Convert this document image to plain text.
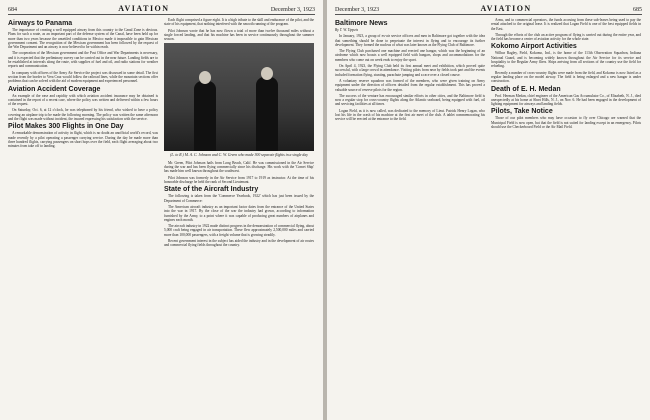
684	AVIATION	December 3, 1923
Airways to Panama

The importance of creating a well equipped airway from this country to the Canal Zone is obvious. Plans for such a route, as an important part of the defense system of the Canal, have been held up for more than two years because the unsettled conditions in Mexico made it impossible to gain Mexican government consent. The recognition of the Mexican government has been followed by the request of the War Department and an airway is now believed to be within reach.

The cooperation of the Mexican government and the Post Office and War Departments is necessary, and it is expected that the preliminary survey can be carried out in the near future. Landing fields are to be established at intervals along the route, with supplies of fuel and oil, and radio stations for weather reports and communication.

In company with officers of the Army Air Service the project was discussed in some detail. The first section from the border to Vera Cruz would follow the railroad lines, while the mountain sections offer problems that can be solved with the aid of modern equipment and experienced personnel.

Aviation Accident Coverage

An example of the ease and rapidity with which aviation accident insurance may be obtained is contained in the report of a recent case, where the policy was written and delivered within a few hours of the request.

On Saturday, Oct. 6, at 12 o'clock, he was telephoned by his friend, who wished to have a policy covering an airplane trip to be made the following morning. The policy was written the same afternoon and the flight was made without incident, the insured expressing his satisfaction with the service.

Pilot Makes 300 Flights in One Day

A remarkable demonstration of activity in flight, which is no doubt an unofficial world's record, was made recently by a pilot operating a passenger carrying service. During the day he made more than three hundred flights, carrying passengers on short hops over the field, each flight averaging about two minutes from take off to landing.

Each flight comprised a figure eight. It is a high tribute to the skill and endurance of the pilot, and the state of his equipment, that nothing interfered with the smooth running of the program.

Pilot Johnson wrote that he has now flown a total of more than twelve thousand miles without a single forced landing, and that his machine has been in service continuously throughout the summer season.

(L. to R.) M. A. C. Johnson and C. W. Green who made 300 separate flights in a single day

Mr. Green, Pilot Johnson hails from Long Beach, Calif. He was commissioned in the Air Service during the war and has been flying commercially since his discharge. His work with the 'Comet Ship' has made him well known throughout the southwest.

Pilot Johnson was formerly in the Air Service from 1917 to 1919 as instructor. At the time of his honorable discharge he held the rank of Second Lieutenant.

State of the Aircraft Industry

The following is taken from the 'Commerce Yearbook, 1922' which has just been issued by the Department of Commerce:

The American aircraft industry as an important factor dates from the entrance of the United States into the war in 1917. By the close of the war the industry had grown, according to information furnished by the Army, to a point where it was capable of producing great numbers of airplanes and engines each month.

The aircraft industry in 1922 made distinct progress in the demonstration of commercial flying, about 5,000 craft being engaged in air transportation. These flew approximately 2,500,000 miles and carried more than 100,000 passengers, with a freight volume that is growing steadily.

Recent government interest in the subject has aided the industry and in the development of air routes and commercial flying fields throughout the country.

December 3, 1923	AVIATION	685
Baltimore News

By T. W. Tippets

In January, 1923, a group of ex-air service officers and men in Baltimore got together with the idea that something should be done to perpetuate the interest in flying and to encourage its further development. They formed the nucleus of what was later known as the Flying Club of Baltimore.

The Flying Club purchased one machine and erected one hangar, which was the beginning of an airdrome which now boasts a well equipped field with hangars, shops and accommodations for the members who come out on week ends to enjoy the sport.

On April 4, 1923, the Flying Club held its first annual meet and exhibition, which proved quite successful, with a large crowd in attendance. Visiting pilots from near by fields took part and the events included formation flying, stunting, parachute jumping and a race over a closed course.

A voluntary reserve squadron was formed of the members, who were given training on Army equipment under the direction of officers detailed from the regular establishment. This has proved a valuable source of reserve pilots for the region.

The success of the venture has encouraged similar efforts in other cities, and the Baltimore field is now a regular stop for cross-country flights along the Atlantic seaboard, being equipped with fuel, oil and servicing facilities at all times.

Logan Field, as it is now called, was dedicated to the memory of Lieut. Patrick Henry Logan, who lost his life in the crash of his machine at the first air meet of the club. A tablet commemorating his service will be erected at the entrance to the field.

Arms, and to commercial operators, the funds accruing from these sub-leases being used to pay the rental attached to the original lease. It is realized that Logan Field is one of the best equipped fields in the East.

Through the efforts of the club an active program of flying is carried out during the entire year, and the field has become a center of aviation activity for the whole state.

Kokomo Airport Activities

Wilbur Ragley, Field, Kokomo, Ind., is the home of the 113th Observation Squadron, Indiana National Guard, and is becoming widely known throughout the Air Service for its service and hospitality to the Regular Army fliers. Ships arriving from all sections of the country use the field for refueling.

Recently a number of cross-country flights were made from the field, and Kokomo is now listed as a regular landing place on the model airway. The field is being enlarged and a new hangar is under construction.

Death of E. H. Medan

Prof. Herman Medan, chief engineer of the American Gas Accumulator Co., of Elizabeth, N. J., died unexpectedly at his home at Short Hills, N. J., on Nov. 6. He had been engaged in the development of lighting equipment for airways and landing fields.

Pilots, Take Notice

Those of our pilot members who may have occasion to fly over Chicago are warned that the Municipal Field is now open, but that the field is not suited for landing except in an emergency. Pilots should use the Checkerboard Field or the Air Mail Field.
